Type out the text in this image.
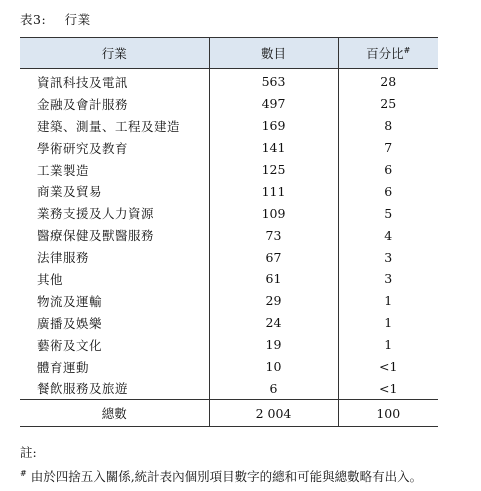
表3: 行業
行業	數目	百分比#
資訊科技及電訊	563	28
金融及會計服務	497	25
建築、測量、工程及建造	169	8
學術研究及教育	141	7
工業製造	125	6
商業及貿易	111	6
業務支援及人力資源	109	5
醫療保健及獸醫服務	73	4
法律服務	67	3
其他	61	3
物流及運輸	29	1
廣播及娛樂	24	1
藝術及文化	19	1
體育運動	10	<1
餐飲服務及旅遊	6	<1
總數	2 004	100
註:
# 由於四捨五入關係,統計表內個別項目數字的總和可能與總數略有出入。
